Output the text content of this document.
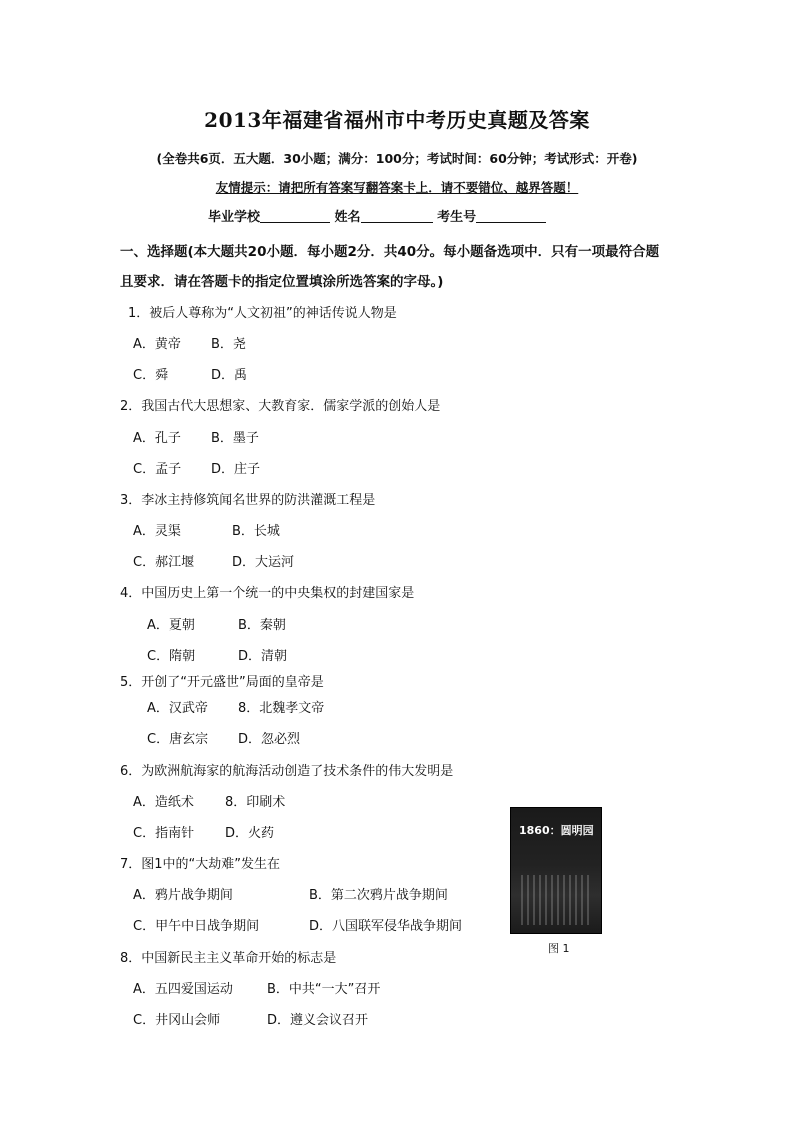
2013年福建省福州市中考历史真题及答案
(全卷共6页．五大题．30小题；满分：100分；考试时间：60分钟；考试形式：开卷)
友情提示：请把所有答案写翻答案卡上．请不要错位、越界答题！
毕业学校	姓名	考生号
一、选择题(本大题共20小题．每小题2分．共40分。每小题备选项中．只有一项最符合题
且要求．请在答题卡的指定位置填涂所选答案的字母。)
1．被后人尊称为“人文初祖”的神话传说人物是
A．黄帝 B．尧
C．舜	D．禹
2．我国古代大思想家、大教育家．儒家学派的创始人是
A．孔子 B．墨子
C．孟子 D．庄子
3．李冰主持修筑闻名世界的防洪灌溉工程是
A．灵渠	B．长城
C．郝江堰	D．大运河
4．中国历史上第一个统一的中央集权的封建国家是
A．夏朝	B．秦朝
C．隋朝	D．清朝
5．开创了“开元盛世”局面的皇帝是
A．汉武帝 8．北魏孝文帝
C．唐玄宗 D．忽必烈
6．为欧洲航海家的航海活动创造了技术条件的伟大发明是
A．造纸术 8．印刷术
C．指南针 D．火药
7．图1中的“大劫难”发生在
A．鸦片战争期间	B．第二次鸦片战争期间
C．甲午中日战争期间	D．八国联军侵华战争期间
8．中国新民主主义革命开始的标志是
A．五四爱国运动	B．中共“一大”召开
C．井冈山会师	D．遵义会议召开
1860：圆明园
图 1
